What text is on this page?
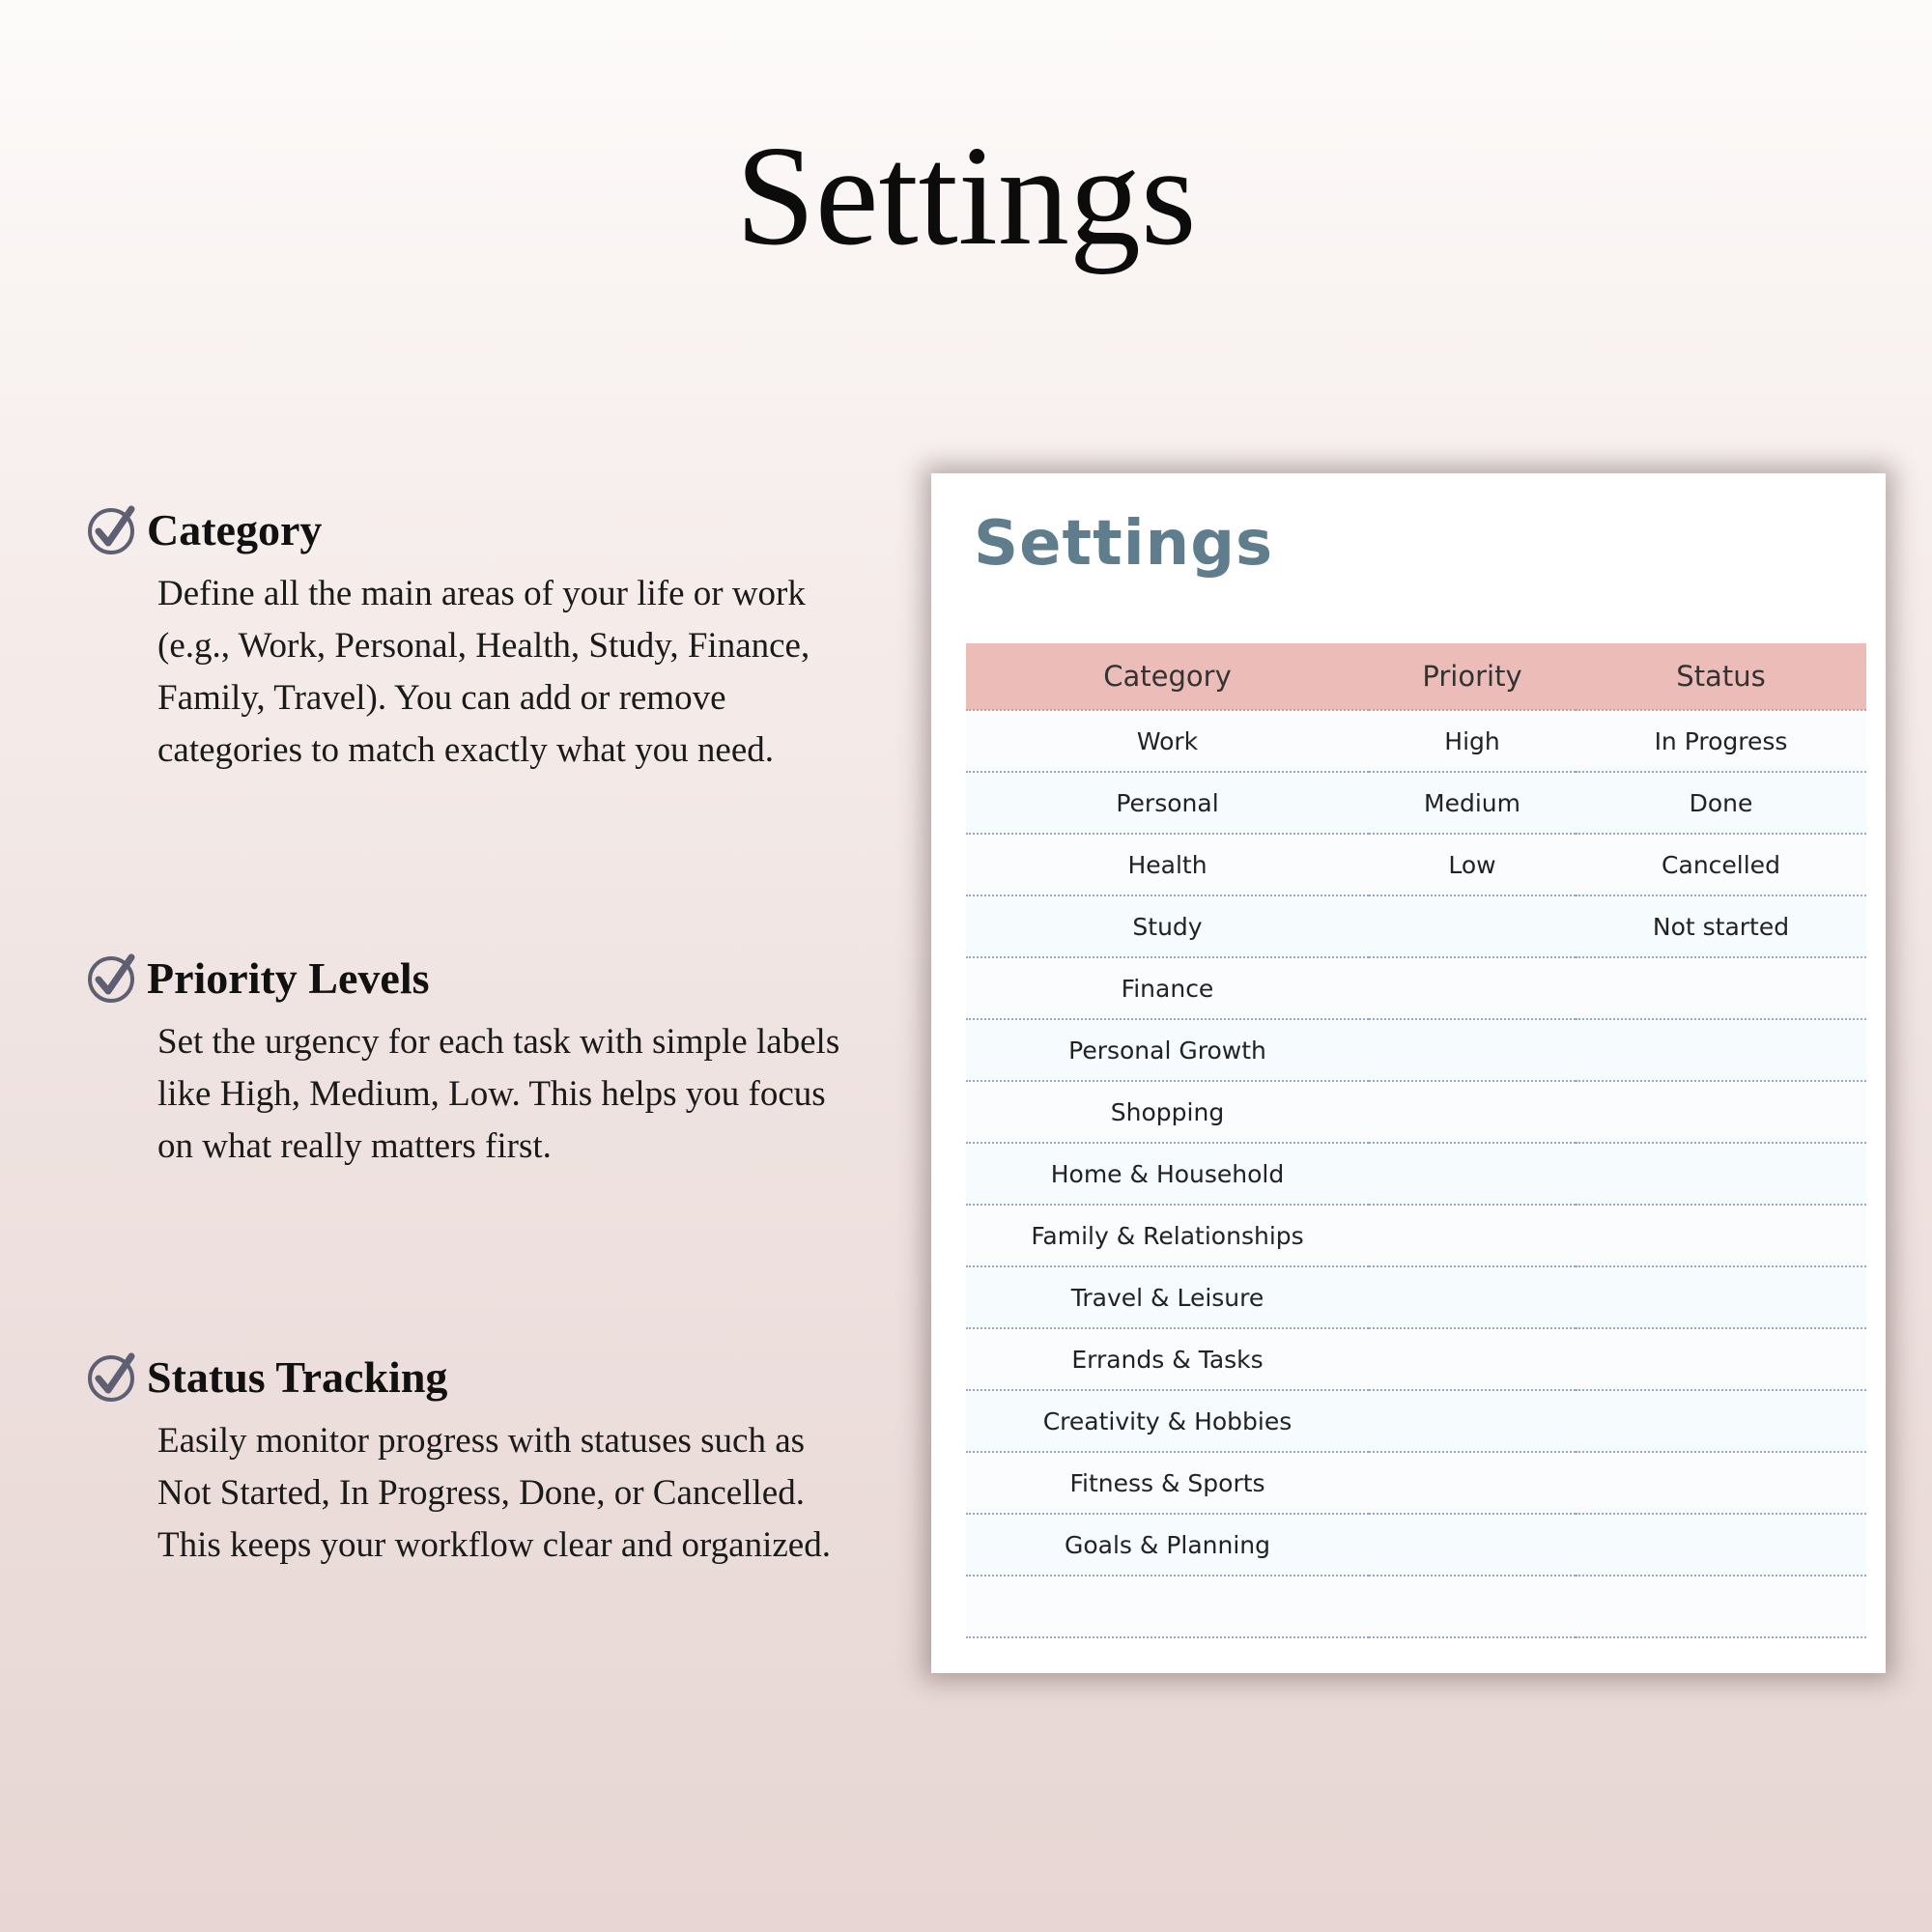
Settings
Category
Define all the main areas of your life or work (e.g., Work, Personal, Health, Study, Finance, Family, Travel). You can add or remove categories to match exactly what you need.
Priority Levels
Set the urgency for each task with simple labels like High, Medium, Low. This helps you focus on what really matters first.
Status Tracking
Easily monitor progress with statuses such as Not Started, In Progress, Done, or Cancelled. This keeps your workflow clear and organized.
Settings
Category	Priority	Status
Work	High	In Progress
Personal	Medium	Done
Health	Low	Cancelled
Study		Not started
Finance		
Personal Growth		
Shopping		
Home & Household		
Family & Relationships		
Travel & Leisure		
Errands & Tasks		
Creativity & Hobbies		
Fitness & Sports		
Goals & Planning		
